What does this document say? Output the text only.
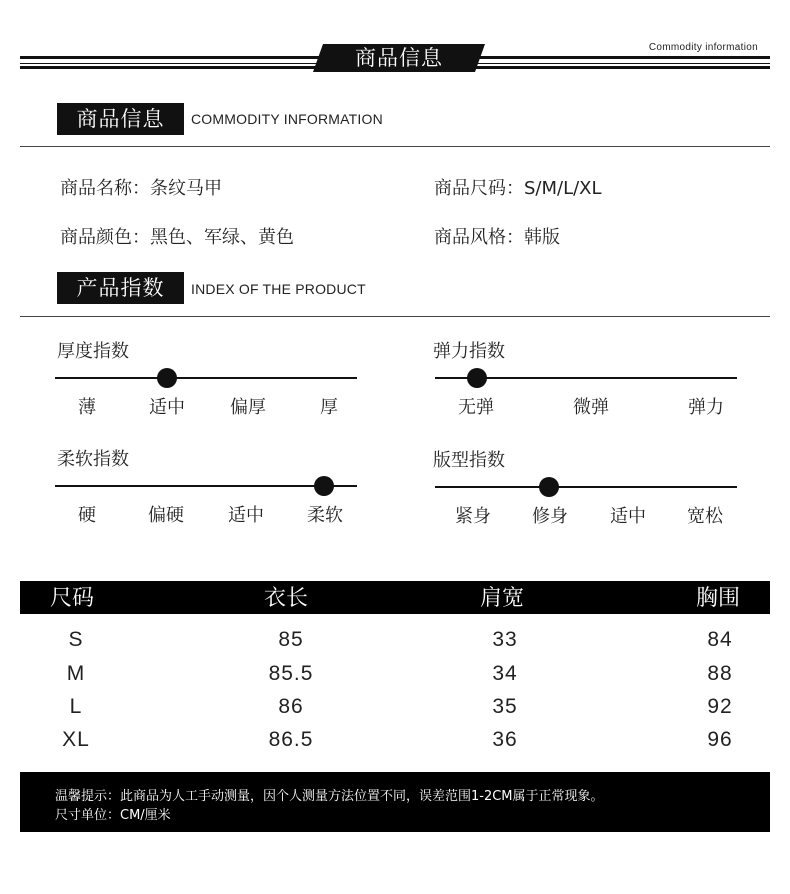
商品信息	Commodity information
商品信息	COMMODITY INFORMATION
商品名称：条纹马甲	商品尺码：S/M/L/XL
商品颜色：黑色、军绿、黄色	商品风格：韩版
产品指数	INDEX OF THE PRODUCT
厚度指数
薄	适中	偏厚	厚
弹力指数
无弹	微弹	弹力
柔软指数
硬	偏硬	适中	柔软
版型指数
紧身	修身	适中	宽松
尺码	衣长	肩宽	胸围
S	85	33	84
M	85.5	34	88
L	86	35	92
XL	86.5	36	96
温馨提示：此商品为人工手动测量，因个人测量方法位置不同，误差范围1-2CM属于正常现象。
尺寸单位：CM/厘米
